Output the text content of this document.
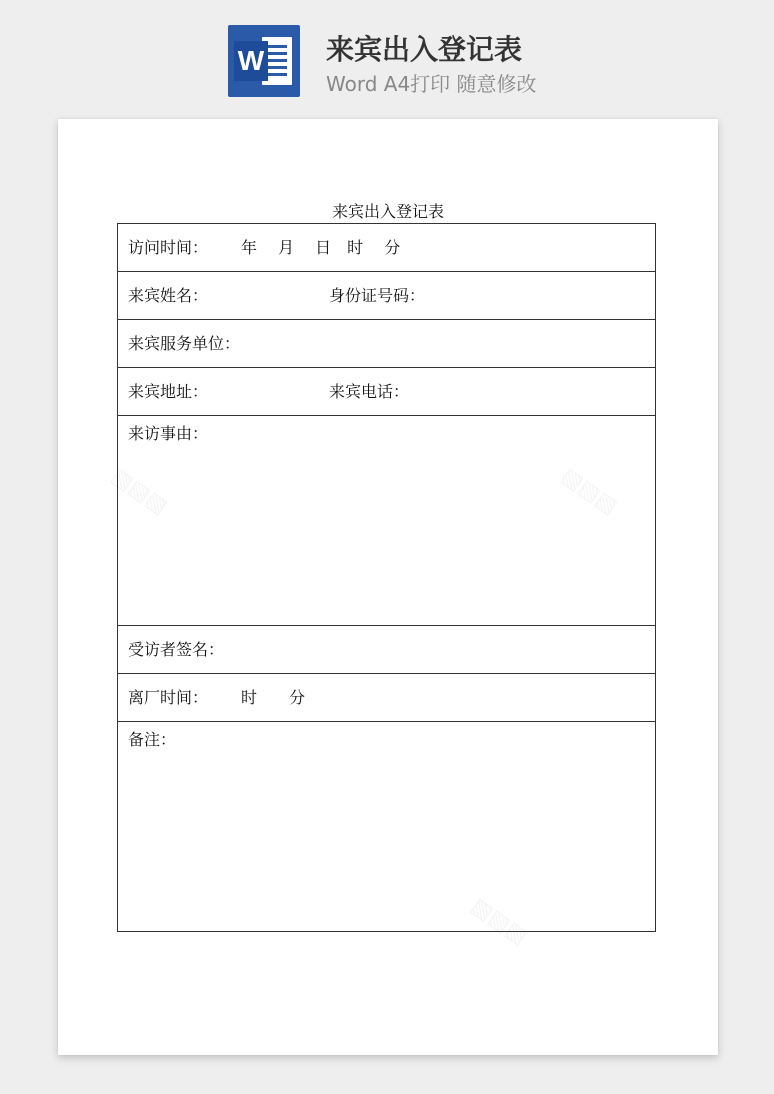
W 来宾出入登记表
Word A4打印 随意修改
来宾出入登记表
访问时间： 年　 月　 日　时　 分
来宾姓名：	身份证号码：
来宾服务单位：
来宾地址：	来宾电话：
来访事由：
受访者签名：
离厂时间： 时　　分
备注：
